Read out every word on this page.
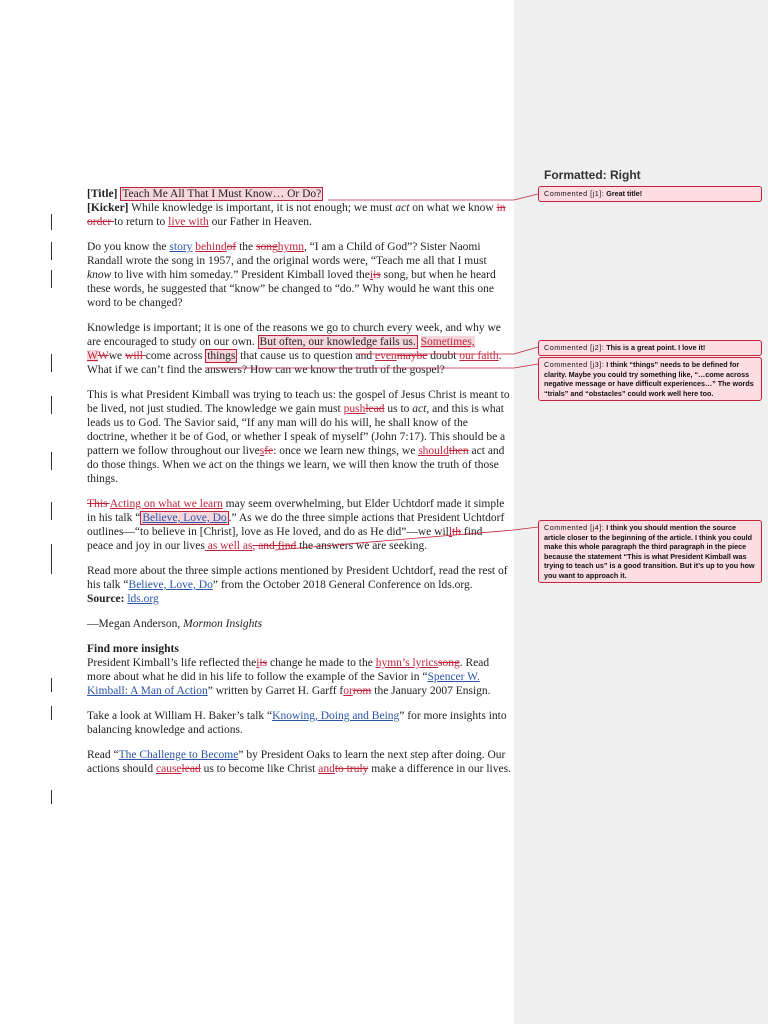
Formatted: Right

[Title] Teach Me All That I Must Know… Or Do?

[Kicker] While knowledge is important, it is not enough; we must act on what we know in order to return to live with our Father in Heaven.

Do you know the story behindof the songhymn, “I am a Child of God”? Sister Naomi Randall wrote the song in 1957, and the original words were, “Teach me all that I must know to live with him someday.” President Kimball loved theiis song, but when he heard these words, he suggested that “know” be changed to “do.” Why would he want this one word to be changed?

Knowledge is important; it is one of the reasons we go to church every week, and why we are encouraged to study on our own. But often, our knowledge fails us. Sometimes, WWwe will come across things that cause us to question and evenmaybe doubt our faith. What if we can’t find the answers? How can we know the truth of the gospel?

This is what President Kimball was trying to teach us: the gospel of Jesus Christ is meant to be lived, not just studied. The knowledge we gain must pushlead us to act, and this is what leads us to God. The Savior said, “If any man will do his will, he shall know of the doctrine, whether it be of God, or whether I speak of myself” (John 7:17). This should be a pattern we follow throughout our livesfe: once we learn new things, we shouldthen act and do those things. When we act on the things we learn, we will then know the truth of those things.

This Acting on what we learn may seem overwhelming, but Elder Uchtdorf made it simple in his talk “ Believe, Love, Do .” As we do the three simple actions that President Uchtdorf outlines—“to believe in [Christ], love as He loved, and do as He did”—we willth find peace and joy in our lives as well as, and find the answers we are seeking.

Read more about the three simple actions mentioned by President Uchtdorf, read the rest of his talk “Believe, Love, Do” from the October 2018 General Conference on lds.org.
Source: lds.org

—Megan Anderson, Mormon Insights

Find more insights

President Kimball’s life reflected theiis change he made to the hymn’s lyricssong. Read more about what he did in his life to follow the example of the Savior in “Spencer W. Kimball: A Man of Action” written by Garret H. Garff forrom the January 2007 Ensign.

Take a look at William H. Baker’s talk “Knowing, Doing and Being” for more insights into balancing knowledge and actions.

Read “The Challenge to Become” by President Oaks to learn the next step after doing. Our actions should causelead us to become like Christ andto truly make a difference in our lives.

Commented [j1]: Great title!
Commented [j2]: This is a great point. I love it!
Commented [j3]: I think “things” needs to be defined for clarity. Maybe you could try something like, “…come across negative message or have difficult experiences…” The words “trials” and “obstacles” could work well here too.
Commented [j4]: I think you should mention the source article closer to the beginning of the article. I think you could make this whole paragraph the third paragraph in the piece because the statement “This is what President Kimball was trying to teach us” is a good transition. But it’s up to you how you want to approach it.
